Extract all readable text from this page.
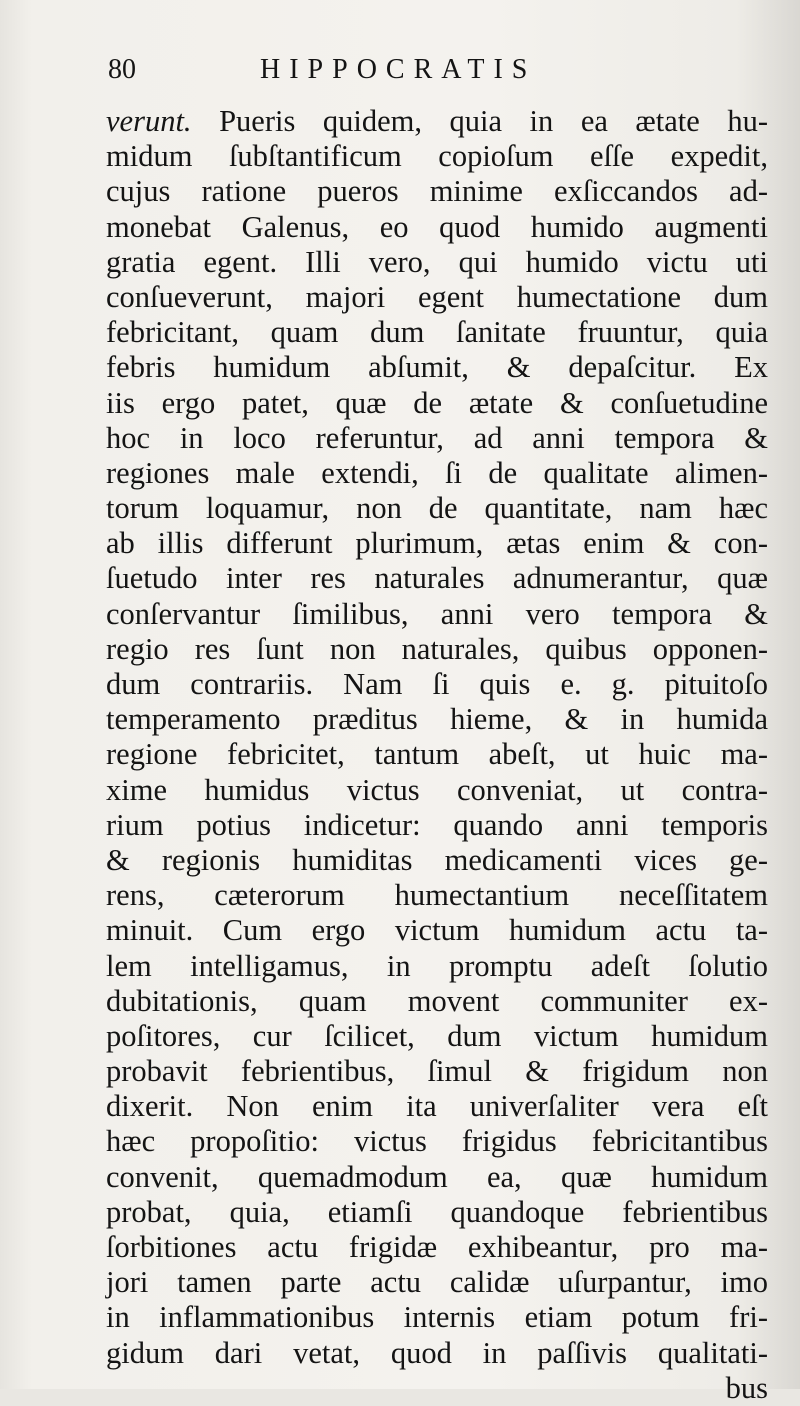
80	HIPPOCRATIS
verunt. Pueris quidem, quia in ea ætate hu-
midum ſubſtantificum copioſum eſſe expedit,
cujus ratione pueros minime exſiccandos ad-
monebat Galenus, eo quod humido augmenti
gratia egent. Illi vero, qui humido victu uti
conſueverunt, majori egent humectatione dum
febricitant, quam dum ſanitate fruuntur, quia
febris humidum abſumit, & depaſcitur. Ex
iis ergo patet, quæ de ætate & conſuetudine
hoc in loco referuntur, ad anni tempora &
regiones male extendi, ſi de qualitate alimen-
torum loquamur, non de quantitate, nam hæc
ab illis differunt plurimum, ætas enim & con-
ſuetudo inter res naturales adnumerantur, quæ
conſervantur ſimilibus, anni vero tempora &
regio res ſunt non naturales, quibus opponen-
dum contrariis. Nam ſi quis e. g. pituitoſo
temperamento præditus hieme, & in humida
regione febricitet, tantum abeſt, ut huic ma-
xime humidus victus conveniat, ut contra-
rium potius indicetur: quando anni temporis
& regionis humiditas medicamenti vices ge-
rens, cæterorum humectantium neceſſitatem
minuit. Cum ergo victum humidum actu ta-
lem intelligamus, in promptu adeſt ſolutio
dubitationis, quam movent communiter ex-
poſitores, cur ſcilicet, dum victum humidum
probavit febrientibus, ſimul & frigidum non
dixerit. Non enim ita univerſaliter vera eſt
hæc propoſitio: victus frigidus febricitantibus
convenit, quemadmodum ea, quæ humidum
probat, quia, etiamſi quandoque febrientibus
ſorbitiones actu frigidæ exhibeantur, pro ma-
jori tamen parte actu calidæ uſurpantur, imo
in inflammationibus internis etiam potum fri-
gidum dari vetat, quod in paſſivis qualitati-
bus
